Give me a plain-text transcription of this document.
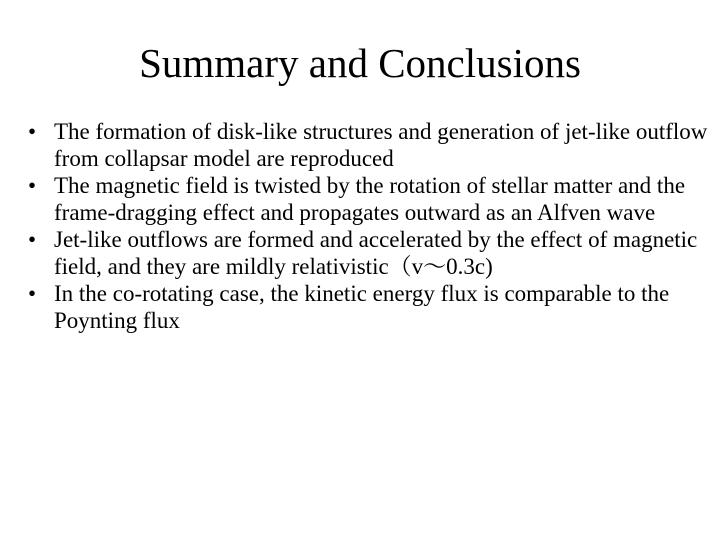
Summary and Conclusions
• The formation of disk-like structures and generation of jet-like outflow from collapsar model are reproduced
• The magnetic field is twisted by the rotation of stellar matter and the frame-dragging effect and propagates outward as an Alfven wave
• Jet-like outflows are formed and accelerated by the effect of magnetic field, and they are mildly relativistic（v～0.3c)
• In the co-rotating case, the kinetic energy flux is comparable to the Poynting flux
